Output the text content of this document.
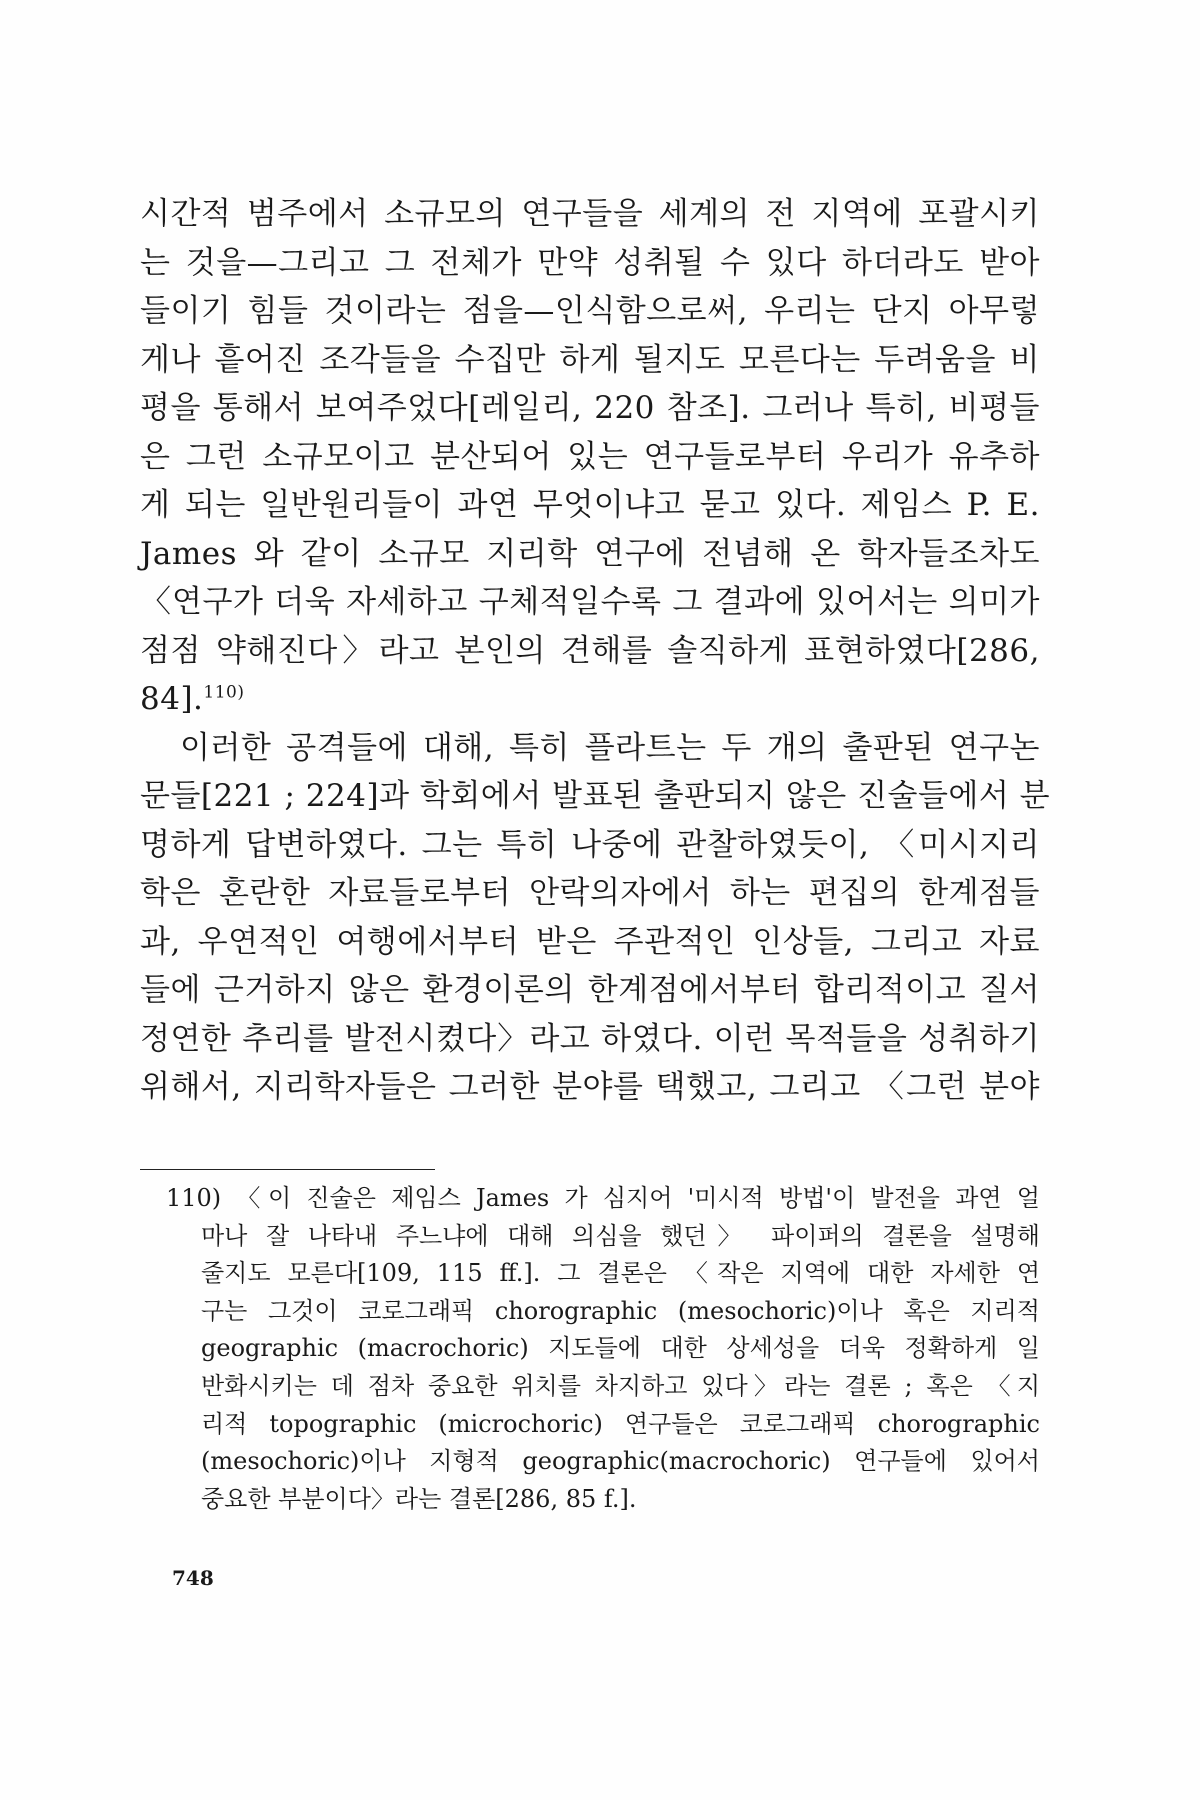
시간적 범주에서 소규모의 연구들을 세계의 전 지역에 포괄시키
는 것을—그리고 그 전체가 만약 성취될 수 있다 하더라도 받아
들이기 힘들 것이라는 점을—인식함으로써, 우리는 단지 아무렇
게나 흩어진 조각들을 수집만 하게 될지도 모른다는 두려움을 비
평을 통해서 보여주었다[레일리, 220 참조]. 그러나 특히, 비평들
은 그런 소규모이고 분산되어 있는 연구들로부터 우리가 유추하
게 되는 일반원리들이 과연 무엇이냐고 묻고 있다. 제임스 P. E.
James 와 같이 소규모 지리학 연구에 전념해 온 학자들조차도
〈연구가 더욱 자세하고 구체적일수록 그 결과에 있어서는 의미가
점점 약해진다〉라고 본인의 견해를 솔직하게 표현하였다[286,
84].$^{110)}$
이러한 공격들에 대해, 특히 플라트는 두 개의 출판된 연구논
문들[221 ; 224]과 학회에서 발표된 출판되지 않은 진술들에서 분
명하게 답변하였다. 그는 특히 나중에 관찰하였듯이, 〈미시지리
학은 혼란한 자료들로부터 안락의자에서 하는 편집의 한계점들
과, 우연적인 여행에서부터 받은 주관적인 인상들, 그리고 자료
들에 근거하지 않은 환경이론의 한계점에서부터 합리적이고 질서
정연한 추리를 발전시켰다〉라고 하였다. 이런 목적들을 성취하기
위해서, 지리학자들은 그러한 분야를 택했고, 그리고 〈그런 분야
110) 〈이 진술은 제임스 James 가 심지어 '미시적 방법'이 발전을 과연 얼
마나 잘 나타내 주느냐에 대해 의심을 했던〉 파이퍼의 결론을 설명해
줄지도 모른다[109, 115 ff.]. 그 결론은 〈작은 지역에 대한 자세한 연
구는 그것이 코로그래픽 chorographic (mesochoric)이나 혹은 지리적
geographic (macrochoric) 지도들에 대한 상세성을 더욱 정확하게 일
반화시키는 데 점차 중요한 위치를 차지하고 있다〉라는 결론 ; 혹은 〈지
리적 topographic (microchoric) 연구들은 코로그래픽 chorographic
(mesochoric)이나 지형적 geographic(macrochoric) 연구들에 있어서
중요한 부분이다〉라는 결론[286, 85 f.].
748
